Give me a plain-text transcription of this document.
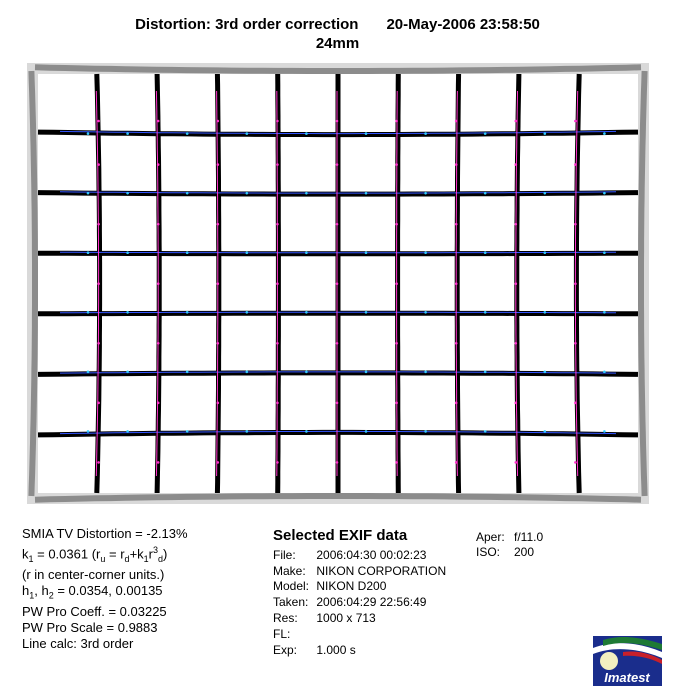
Distortion: 3rd order correction 20-May-2006 23:58:50
24mm
SMIA TV Distortion = -2.13%
$k_1 = 0.0361$ $(r_u = r_d+k_1r^3_d)$
(r in center-corner units.)
$h_1$, $h_2 = 0.0354$, 0.00135
PW Pro Coeff. = 0.03225
PW Pro Scale = 0.9883
Line calc: 3rd order
Selected EXIF data
File: 2006:04:30 00:02:23
Make: NIKON CORPORATION
Model: NIKON D200
Taken: 2006:04:29 22:56:49
Res: 1000 x 713
FL:
Exp: 1.000 s
Aper: f/11.0
ISO: 200
Imatest
